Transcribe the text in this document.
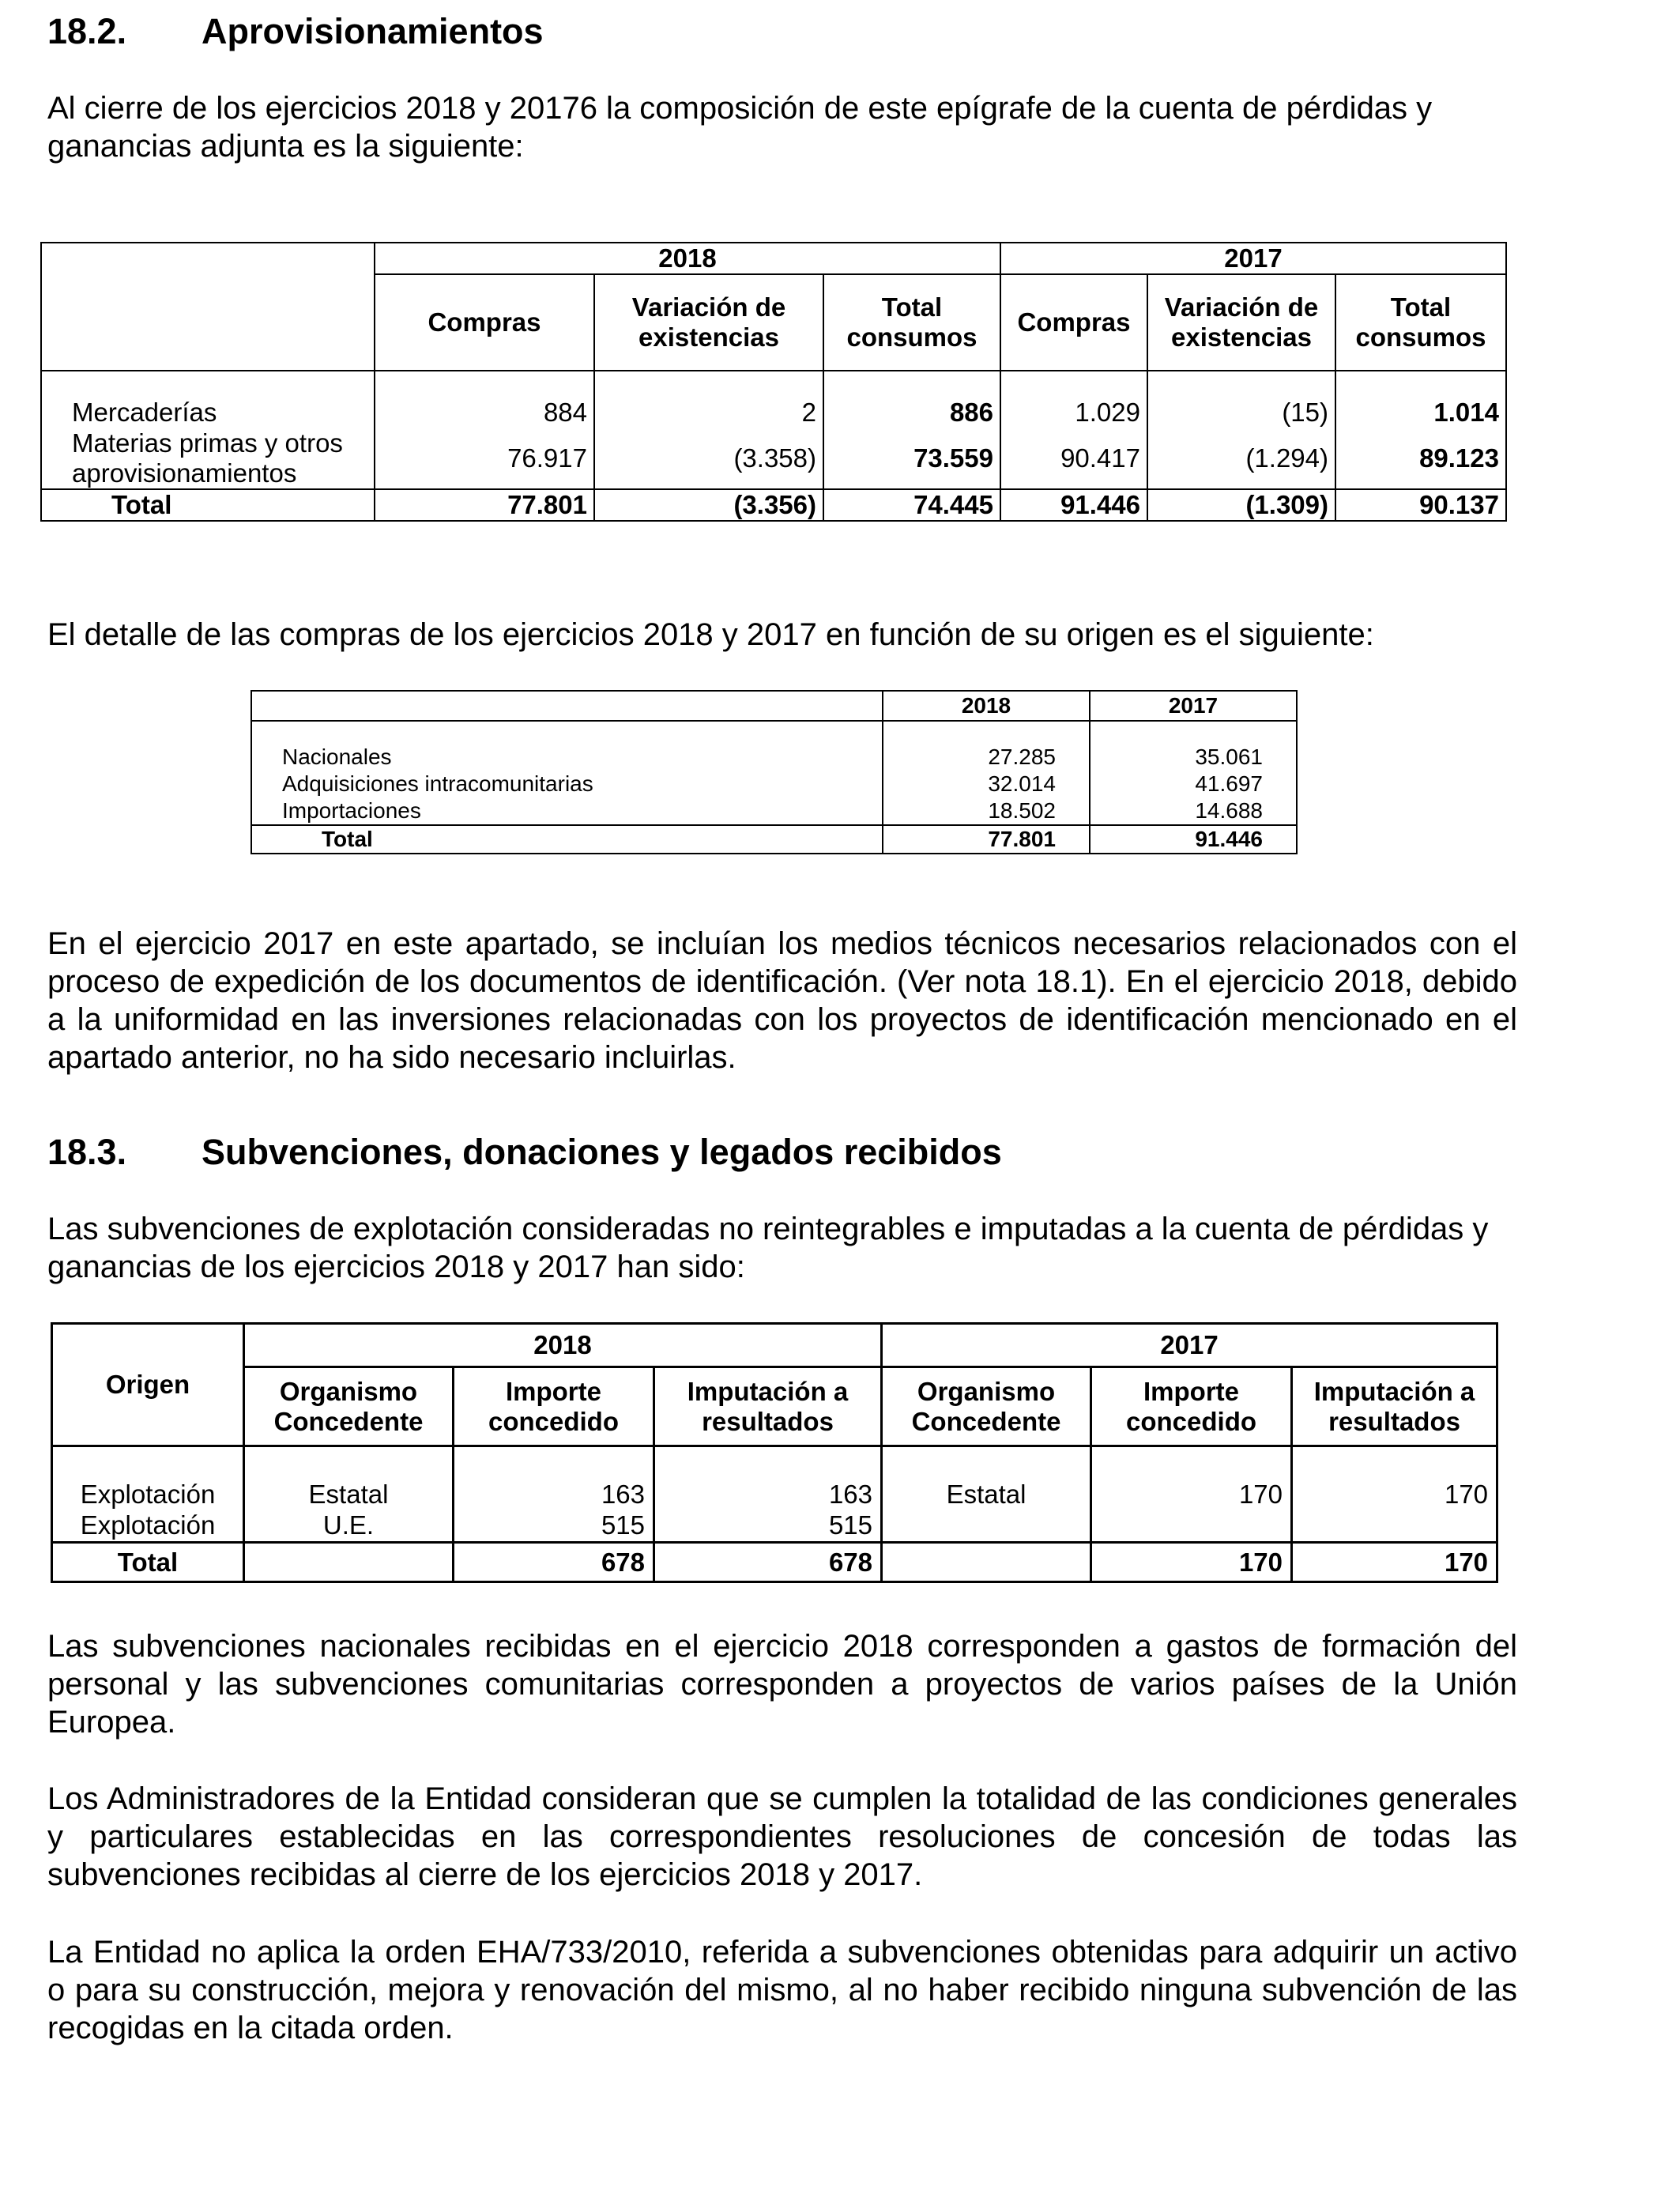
18.2. Aprovisionamientos

Al cierre de los ejercicios 2018 y 20176 la composición de este epígrafe de la cuenta de pérdidas y ganancias adjunta es la siguiente:

	2018			2017		
	Compras	Variación de existencias	Total consumos	Compras	Variación de existencias	Total consumos
Mercaderías	884	2	886	1.029	(15)	1.014
Materias primas y otros aprovisionamientos	76.917	(3.358)	73.559	90.417	(1.294)	89.123
Total	77.801	(3.356)	74.445	91.446	(1.309)	90.137

El detalle de las compras de los ejercicios 2018 y 2017 en función de su origen es el siguiente:

	2018	2017
Nacionales	27.285	35.061
Adquisiciones intracomunitarias	32.014	41.697
Importaciones	18.502	14.688
Total	77.801	91.446

En el ejercicio 2017 en este apartado, se incluían los medios técnicos necesarios relacionados con el proceso de expedición de los documentos de identificación. (Ver nota 18.1). En el ejercicio 2018, debido a la uniformidad en las inversiones relacionadas con los proyectos de identificación mencionado en el apartado anterior, no ha sido necesario incluirlas.

18.3. Subvenciones, donaciones y legados recibidos

Las subvenciones de explotación consideradas no reintegrables e imputadas a la cuenta de pérdidas y ganancias de los ejercicios 2018 y 2017 han sido:

Origen	2018			2017		
	Organismo Concedente	Importe concedido	Imputación a resultados	Organismo Concedente	Importe concedido	Imputación a resultados
Explotación	Estatal	163	163	Estatal	170	170
Explotación	U.E.	515	515			
Total		678	678		170	170

Las subvenciones nacionales recibidas en el ejercicio 2018 corresponden a gastos de formación del personal y las subvenciones comunitarias corresponden a proyectos de varios países de la Unión Europea.

Los Administradores de la Entidad consideran que se cumplen la totalidad de las condiciones generales y particulares establecidas en las correspondientes resoluciones de concesión de todas las subvenciones recibidas al cierre de los ejercicios 2018 y 2017.

La Entidad no aplica la orden EHA/733/2010, referida a subvenciones obtenidas para adquirir un activo o para su construcción, mejora y renovación del mismo, al no haber recibido ninguna subvención de las recogidas en la citada orden.
